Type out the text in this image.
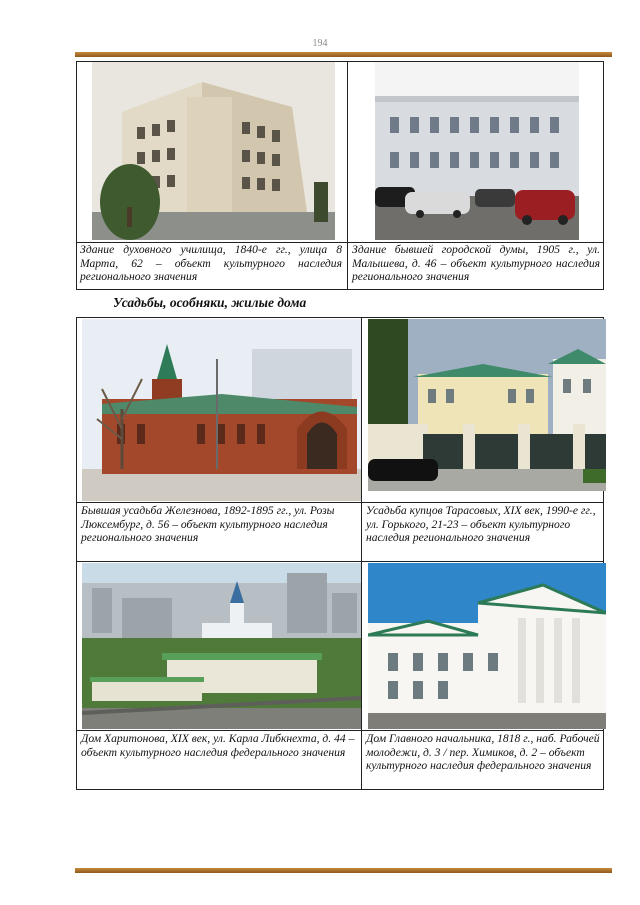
194
Здание духовного училища, 1840-е гг., улица 8 Марта, 62 – объект культурного наследия регионального значения
Здание бывшей городской думы, 1905 г., ул. Малышева, д. 46 – объект культурного наследия регионального значения
Усадьбы, особняки, жилые дома
Бывшая усадьба Железнова, 1892-1895 гг., ул. Розы Люксембург, д. 56 – объект культурного наследия регионального значения
Усадьба купцов Тарасовых, XIX век, 1990-е гг., ул. Горького, 21-23 – объект культурного наследия регионального значения
Дом Харитонова, XIX век, ул. Карла Либкнехта, д. 44 – объект культурного наследия федерального значения
Дом Главного начальника, 1818 г., наб. Рабочей молодежи, д. 3 / пер. Химиков, д. 2 – объект культурного наследия федерального значения
